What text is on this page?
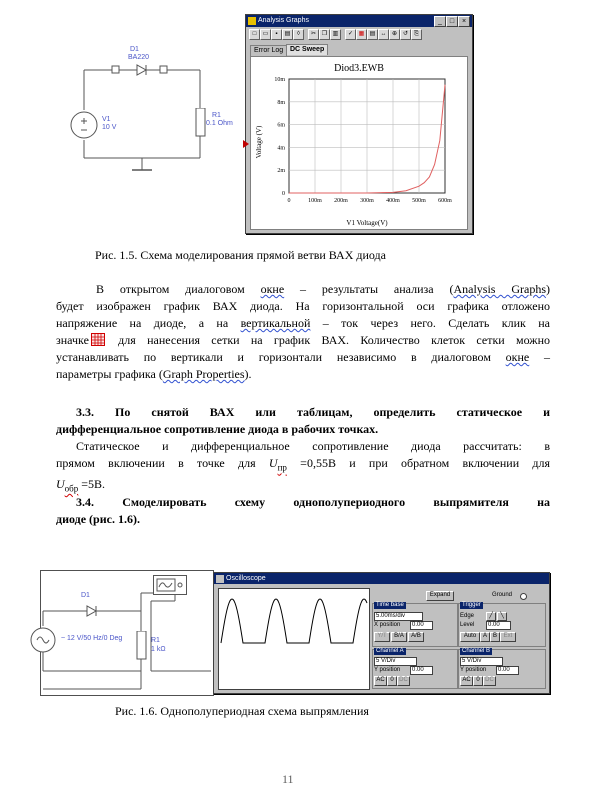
D1
BA220
V1
10 V
R1
0.1 Ohm
Analysis Graphs	_	□	×
□	▭	▪	▤	◊	✂ ❐ ▥	✓ ▦ ▤ ↔ ⊕ ↺	⎘
Error Log DC Sweep
Diod3.EWB
Voltage (V)
V1 Voltage(V)
0	100m 200m 300m 400m 500m 600m
0
2m
4m
6m
8m
10m
Рис. 1.5. Схема моделирования прямой ветви ВАХ диода
В открытом диалоговом окне – результаты анализа (Analysis Graphs)
будет изображен график ВАХ диода. На горизонтальной оси графика отложено
напряжение на диоде, а на вертикальной – ток через него. Сделать клик на
значке для нанесения сетки на график ВАХ. Количество клеток сетки можно
устанавливать по вертикали и горизонтали независимо в диалоговом окне –
параметры графика (Graph Properties).
3.3. По снятой ВАХ или таблицам, определить статическое и
дифференциальное сопротивление диода в рабочих точках.
Статическое и дифференциальное сопротивление диода рассчитать: в
прямом включении в точке для $U_{пр} =0,55В$ и при обратном включении для
$U_{обр} =5В$.
3.4. Смоделировать схему однополупериодного выпрямителя на
диоде (рис. 1.6).
D1
~ 12 V/50 Hz/0 Deg	R1
1 kΩ
Oscilloscope
Expand	Ground
Time base
5.00ms/div
X position	0.00
Y/T	B/A	A/B
Trigger
Edge	╱	╲
Level	0.00
Auto	A B	Ext
Channel A
5 V/Div
Y position	0.00
AC 0 DC
Channel B
5 V/Div
Y position	0.00
AC 0 DC
Рис. 1.6. Однополупериодная схема выпрямления
11
